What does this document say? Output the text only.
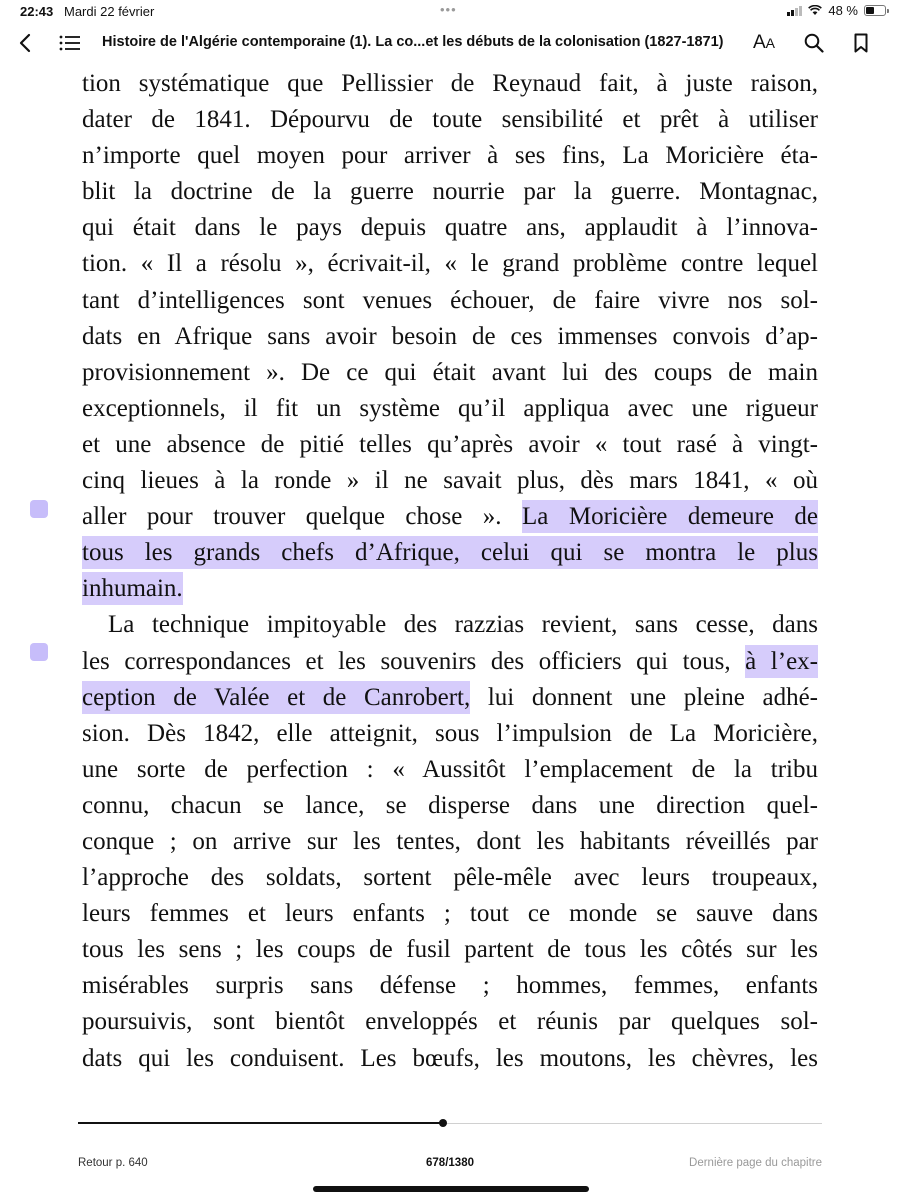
22:43 Mardi 22 février	•••	48 %
Histoire de l'Algérie contemporaine (1). La co...et les débuts de la colonisation (1827-1871) A A
tion systématique que Pellissier de Reynaud fait, à juste raison,
dater de 1841. Dépourvu de toute sensibilité et prêt à utiliser
n’importe quel moyen pour arriver à ses fins, La Moricière éta-
blit la doctrine de la guerre nourrie par la guerre. Montagnac,
qui était dans le pays depuis quatre ans, applaudit à l’innova-
tion. « Il a résolu », écrivait-il, « le grand problème contre lequel
tant d’intelligences sont venues échouer, de faire vivre nos sol-
dats en Afrique sans avoir besoin de ces immenses convois d’ap-
provisionnement ». De ce qui était avant lui des coups de main
exceptionnels, il fit un système qu’il appliqua avec une rigueur
et une absence de pitié telles qu’après avoir « tout rasé à vingt-
cinq lieues à la ronde » il ne savait plus, dès mars 1841, « où
aller pour trouver quelque chose ». La Moricière demeure de
tous les grands chefs d’Afrique, celui qui se montra le plus
inhumain.
La technique impitoyable des razzias revient, sans cesse, dans
les correspondances et les souvenirs des officiers qui tous, à l’ex-
ception de Valée et de Canrobert, lui donnent une pleine adhé-
sion. Dès 1842, elle atteignit, sous l’impulsion de La Moricière,
une sorte de perfection : « Aussitôt l’emplacement de la tribu
connu, chacun se lance, se disperse dans une direction quel-
conque ; on arrive sur les tentes, dont les habitants réveillés par
l’approche des soldats, sortent pêle-mêle avec leurs troupeaux,
leurs femmes et leurs enfants ; tout ce monde se sauve dans
tous les sens ; les coups de fusil partent de tous les côtés sur les
misérables surpris sans défense ; hommes, femmes, enfants
poursuivis, sont bientôt enveloppés et réunis par quelques sol-
dats qui les conduisent. Les bœufs, les moutons, les chèvres, les
Retour p. 640	678/1380	Dernière page du chapitre
